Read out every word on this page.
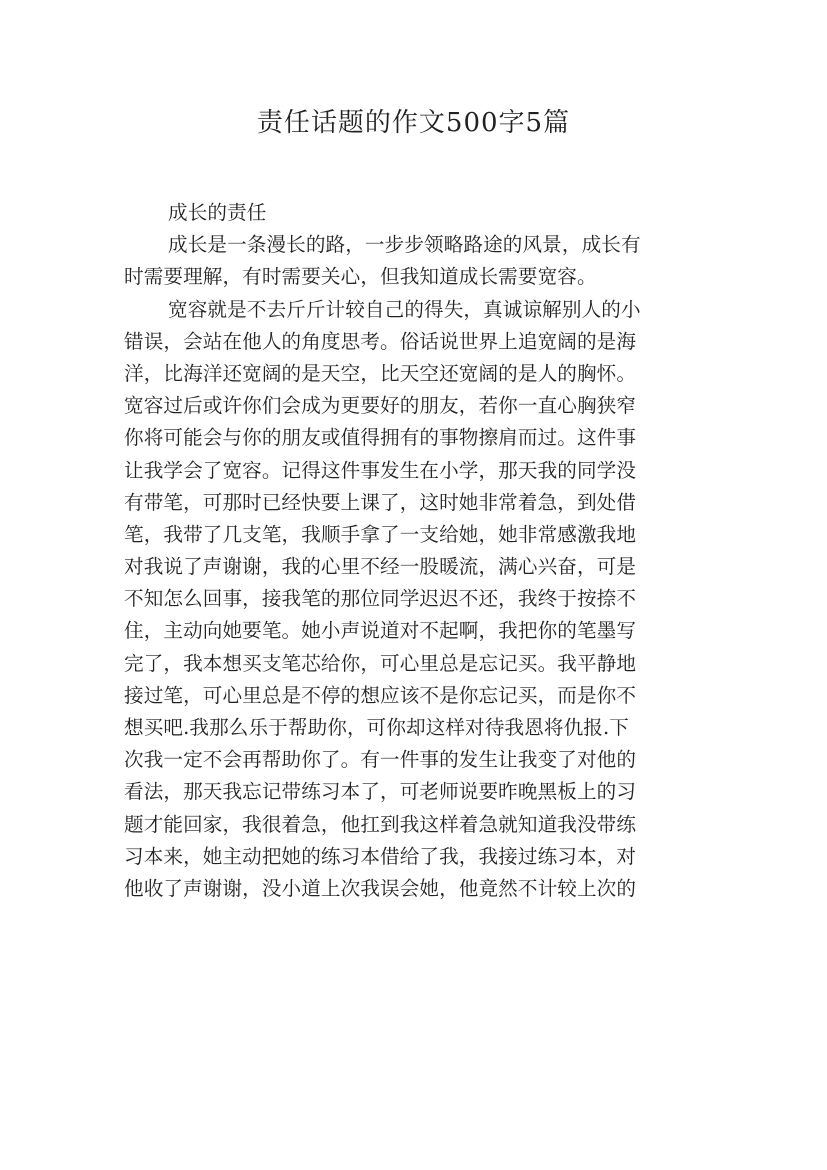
责任话题的作文500字5篇
成长的责任
成长是一条漫长的路，一步步领略路途的风景，成长有
时需要理解，有时需要关心，但我知道成长需要宽容。
宽容就是不去斤斤计较自己的得失，真诚谅解别人的小
错误，会站在他人的角度思考。俗话说世界上追宽阔的是海
洋，比海洋还宽阔的是天空，比天空还宽阔的是人的胸怀。
宽容过后或许你们会成为更要好的朋友，若你一直心胸狭窄
你将可能会与你的朋友或值得拥有的事物擦肩而过。这件事
让我学会了宽容。记得这件事发生在小学，那天我的同学没
有带笔，可那时已经快要上课了，这时她非常着急，到处借
笔，我带了几支笔，我顺手拿了一支给她，她非常感激我地
对我说了声谢谢，我的心里不经一股暖流，满心兴奋，可是
不知怎么回事，接我笔的那位同学迟迟不还，我终于按捺不
住，主动向她要笔。她小声说道对不起啊，我把你的笔墨写
完了，我本想买支笔芯给你，可心里总是忘记买。我平静地
接过笔，可心里总是不停的想应该不是你忘记买，而是你不
想买吧.我那么乐于帮助你，可你却这样对待我恩将仇报.下
次我一定不会再帮助你了。有一件事的发生让我变了对他的
看法，那天我忘记带练习本了，可老师说要昨晚黑板上的习
题才能回家，我很着急，他扛到我这样着急就知道我没带练
习本来，她主动把她的练习本借给了我，我接过练习本，对
他收了声谢谢，没小道上次我误会她，他竟然不计较上次的
